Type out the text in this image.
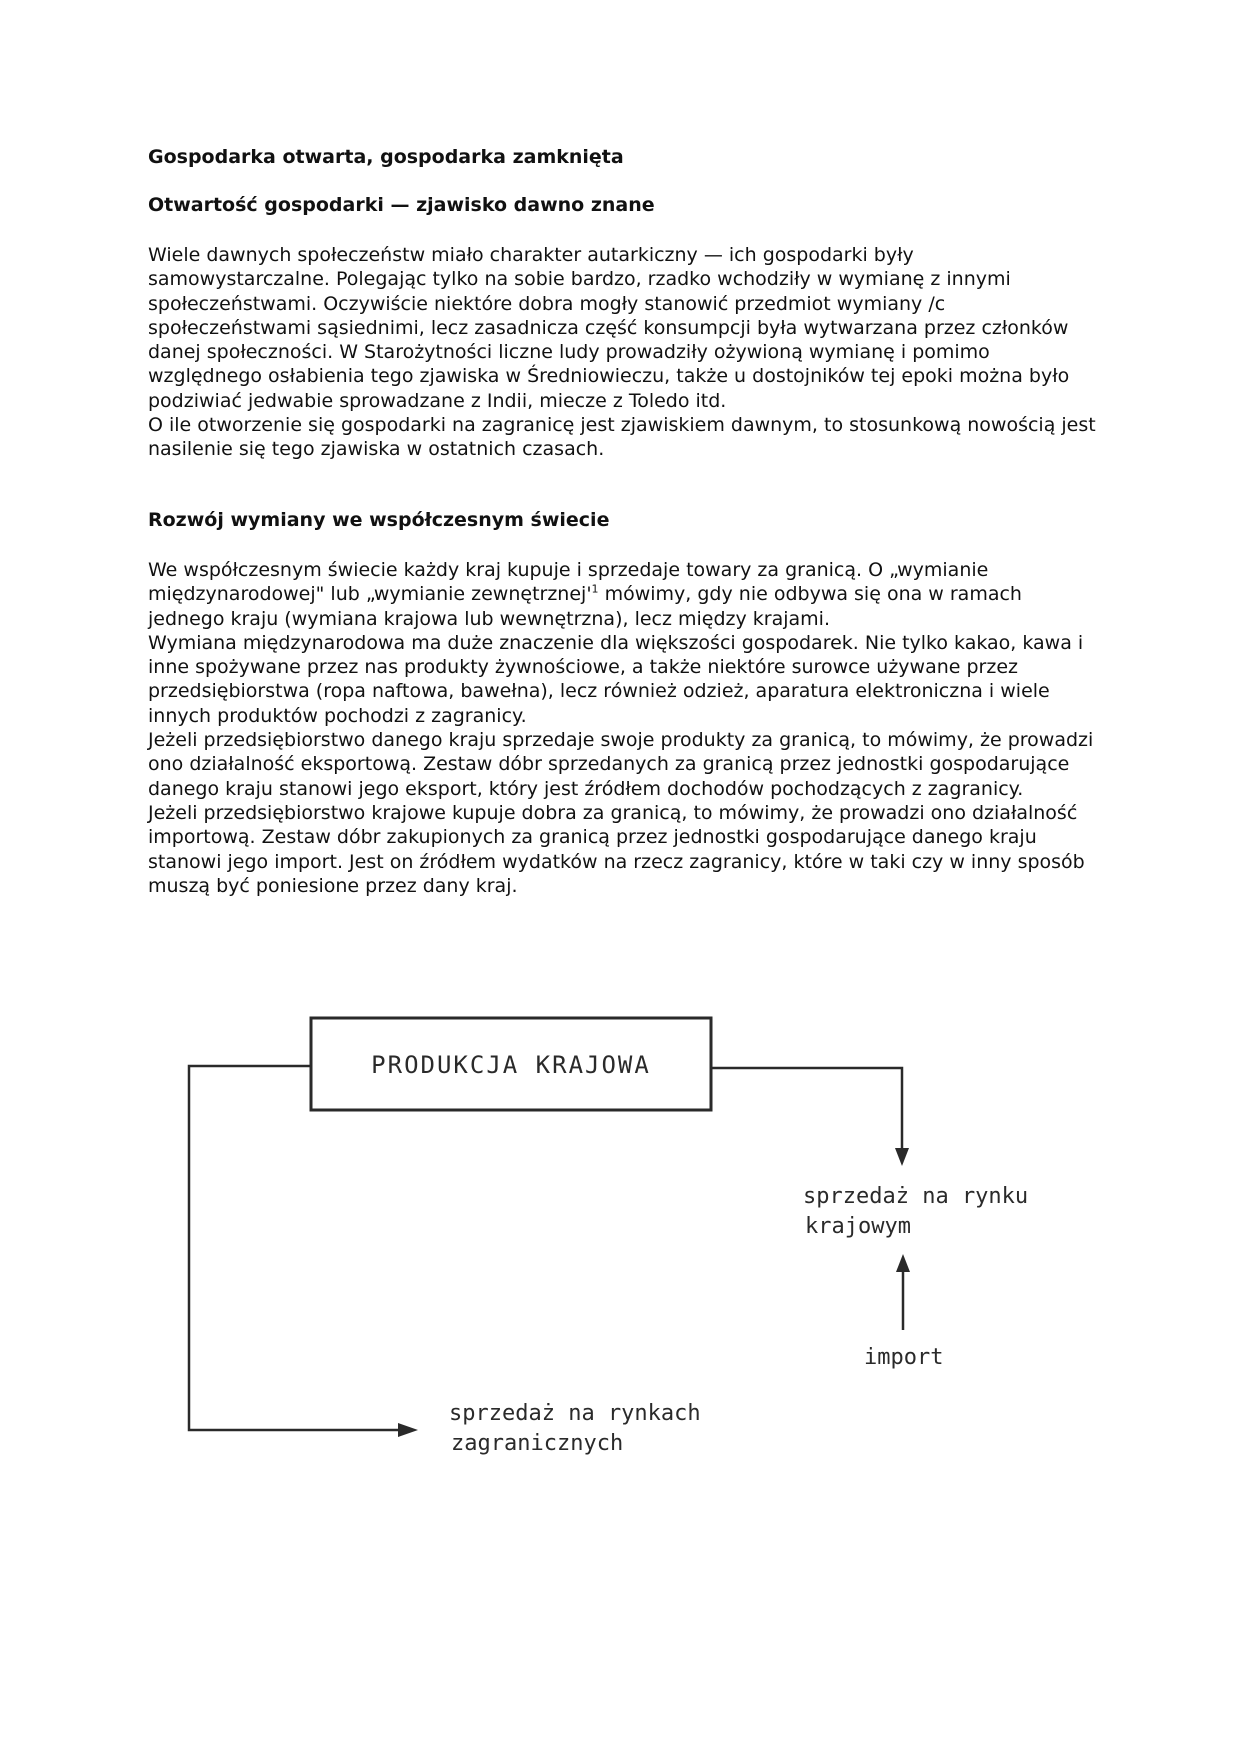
Gospodarka otwarta, gospodarka zamknięta
Otwartość gospodarki — zjawisko dawno znane

Wiele dawnych społeczeństw miało charakter autarkiczny — ich gospodarki były samowystarczalne. Polegając tylko na sobie bardzo, rzadko wchodziły w wymianę z innymi społeczeństwami. Oczywiście niektóre dobra mogły stanowić przedmiot wymiany /c społeczeństwami sąsiednimi, lecz zasadnicza część konsumpcji była wytwarzana przez członków danej społeczności. W Starożytności liczne ludy prowadziły ożywioną wymianę i pomimo względnego osłabienia tego zjawiska w Średniowieczu, także u dostojników tej epoki można było podziwiać jedwabie sprowadzane z Indii, miecze z Toledo itd.

O ile otworzenie się gospodarki na zagranicę jest zjawiskiem dawnym, to stosunkową nowością jest nasilenie się tego zjawiska w ostatnich czasach.

Rozwój wymiany we współczesnym świecie

We współczesnym świecie każdy kraj kupuje i sprzedaje towary za granicą. O „wymianie międzynarodowej" lub „wymianie $zewnętrznej'^1$ mówimy, gdy nie odbywa się ona w ramach jednego kraju (wymiana krajowa lub wewnętrzna), lecz między krajami.

Wymiana międzynarodowa ma duże znaczenie dla większości gospodarek. Nie tylko kakao, kawa i inne spożywane przez nas produkty żywnościowe, a także niektóre surowce używane przez przedsiębiorstwa (ropa naftowa, bawełna), lecz również odzież, aparatura elektroniczna i wiele innych produktów pochodzi z zagranicy.

Jeżeli przedsiębiorstwo danego kraju sprzedaje swoje produkty za granicą, to mówimy, że prowadzi ono działalność eksportową. Zestaw dóbr sprzedanych za granicą przez jednostki gospodarujące danego kraju stanowi jego eksport, który jest źródłem dochodów pochodzących z zagranicy.

Jeżeli przedsiębiorstwo krajowe kupuje dobra za granicą, to mówimy, że prowadzi ono działalność importową. Zestaw dóbr zakupionych za granicą przez jednostki gospodarujące danego kraju stanowi jego import. Jest on źródłem wydatków na rzecz zagranicy, które w taki czy w inny sposób muszą być poniesione przez dany kraj.

PRODUKCJA KRAJOWA
sprzedaż na rynku
krajowym
import
sprzedaż na rynkach
zagranicznych
